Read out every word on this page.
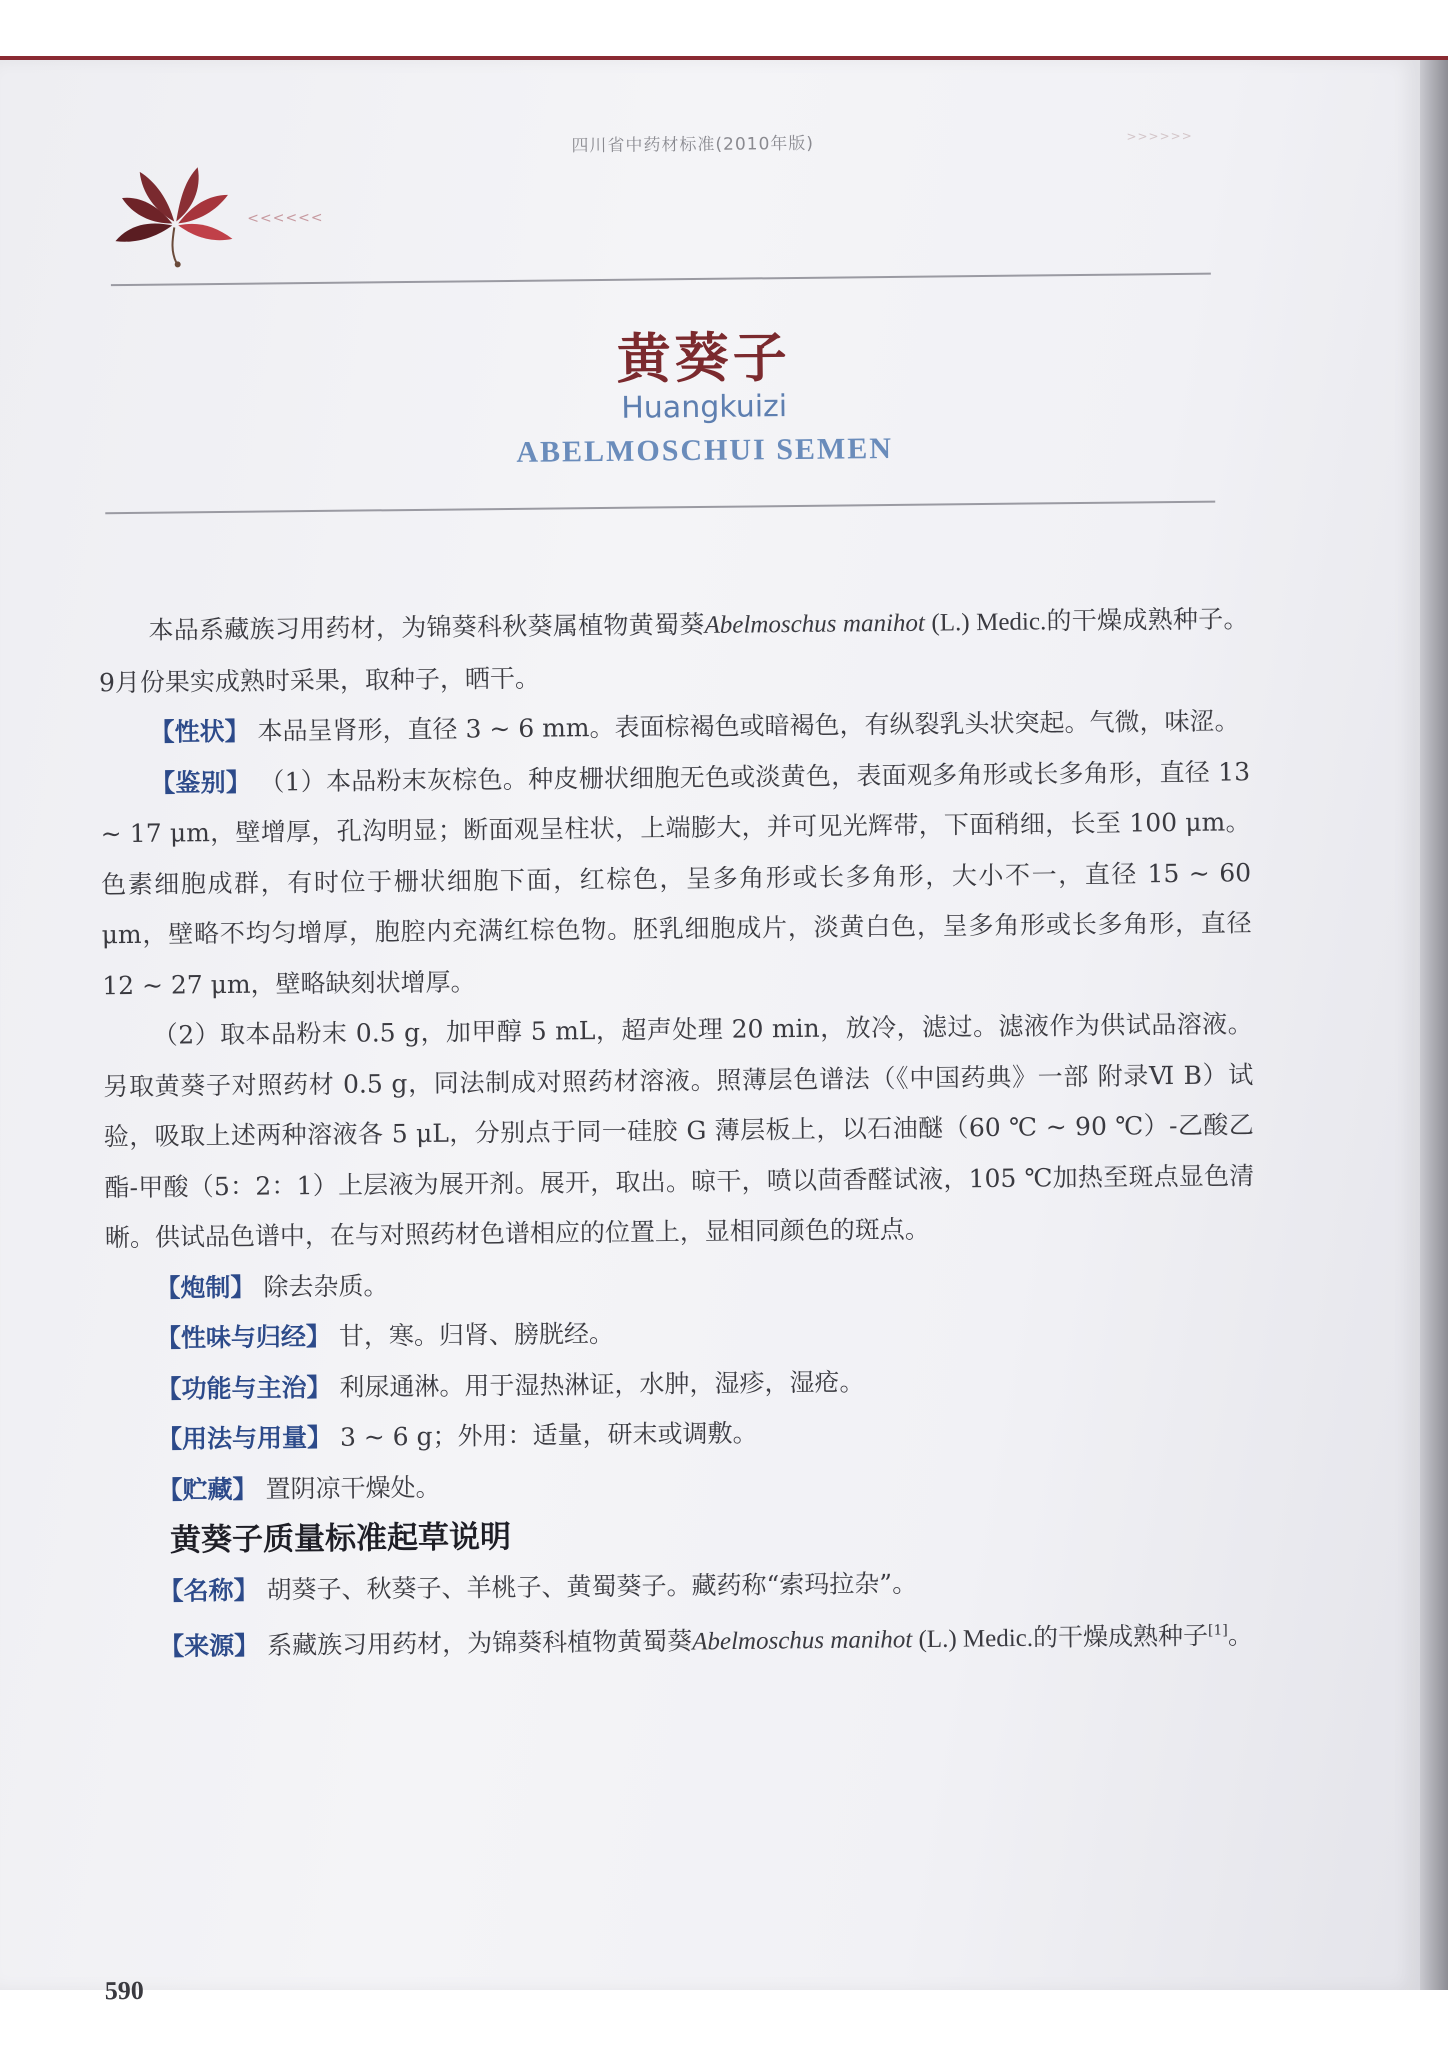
<<<<<<
四川省中药材标准(2010年版)	>>>>>>
黄葵子
Huangkuizi
ABELMOSCHUI SEMEN

本品系藏族习用药材，为锦葵科秋葵属植物黄蜀葵Abelmoschus manihot (L.) Medic.的干燥成熟种子。9月份果实成熟时采果，取种子，晒干。

【性状】 本品呈肾形，直径 3 ~ 6 mm。表面棕褐色或暗褐色，有纵裂乳头状突起。气微，味涩。

【鉴别】 （1）本品粉末灰棕色。种皮栅状细胞无色或淡黄色，表面观多角形或长多角形，直径 13 ~ 17 μm，壁增厚，孔沟明显；断面观呈柱状，上端膨大，并可见光辉带，下面稍细，长至 100 μm。色素细胞成群，有时位于栅状细胞下面，红棕色，呈多角形或长多角形，大小不一，直径 15 ~ 60 μm，壁略不均匀增厚，胞腔内充满红棕色物。胚乳细胞成片，淡黄白色，呈多角形或长多角形，直径 12 ~ 27 μm，壁略缺刻状增厚。

（2）取本品粉末 0.5 g，加甲醇 5 mL，超声处理 20 min，放冷，滤过。滤液作为供试品溶液。另取黄葵子对照药材 0.5 g，同法制成对照药材溶液。照薄层色谱法（《中国药典》一部 附录Ⅵ B）试验，吸取上述两种溶液各 5 μL，分别点于同一硅胶 G 薄层板上，以石油醚（60 ℃ ~ 90 ℃）-乙酸乙酯-甲酸（5：2：1）上层液为展开剂。展开，取出。晾干，喷以茴香醛试液，105 ℃加热至斑点显色清晰。供试品色谱中，在与对照药材色谱相应的位置上，显相同颜色的斑点。

【炮制】 除去杂质。

【性味与归经】 甘，寒。归肾、膀胱经。

【功能与主治】 利尿通淋。用于湿热淋证，水肿，湿疹，湿疮。

【用法与用量】 3 ~ 6 g；外用：适量，研末或调敷。

【贮藏】 置阴凉干燥处。

黄葵子质量标准起草说明

【名称】 胡葵子、秋葵子、羊桃子、黄蜀葵子。藏药称“索玛拉杂”。

【来源】 系藏族习用药材，为锦葵科植物黄蜀葵Abelmoschus manihot (L.) Medic.的干燥成熟种子[1]。

590
